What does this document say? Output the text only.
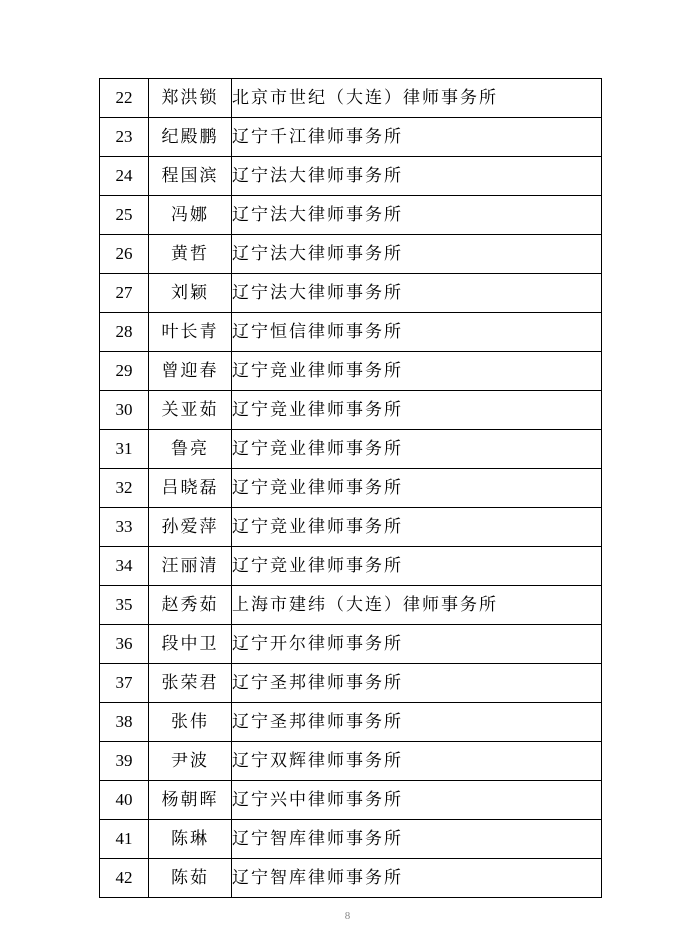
22	郑洪锁	北京市世纪（大连）律师事务所
23	纪殿鹏	辽宁千江律师事务所
24	程国滨	辽宁法大律师事务所
25	冯娜	辽宁法大律师事务所
26	黄哲	辽宁法大律师事务所
27	刘颖	辽宁法大律师事务所
28	叶长青	辽宁恒信律师事务所
29	曾迎春	辽宁竞业律师事务所
30	关亚茹	辽宁竞业律师事务所
31	鲁亮	辽宁竞业律师事务所
32	吕晓磊	辽宁竞业律师事务所
33	孙爱萍	辽宁竞业律师事务所
34	汪丽清	辽宁竞业律师事务所
35	赵秀茹	上海市建纬（大连）律师事务所
36	段中卫	辽宁开尔律师事务所
37	张荣君	辽宁圣邦律师事务所
38	张伟	辽宁圣邦律师事务所
39	尹波	辽宁双辉律师事务所
40	杨朝晖	辽宁兴中律师事务所
41	陈琳	辽宁智库律师事务所
42	陈茹	辽宁智库律师事务所
8
